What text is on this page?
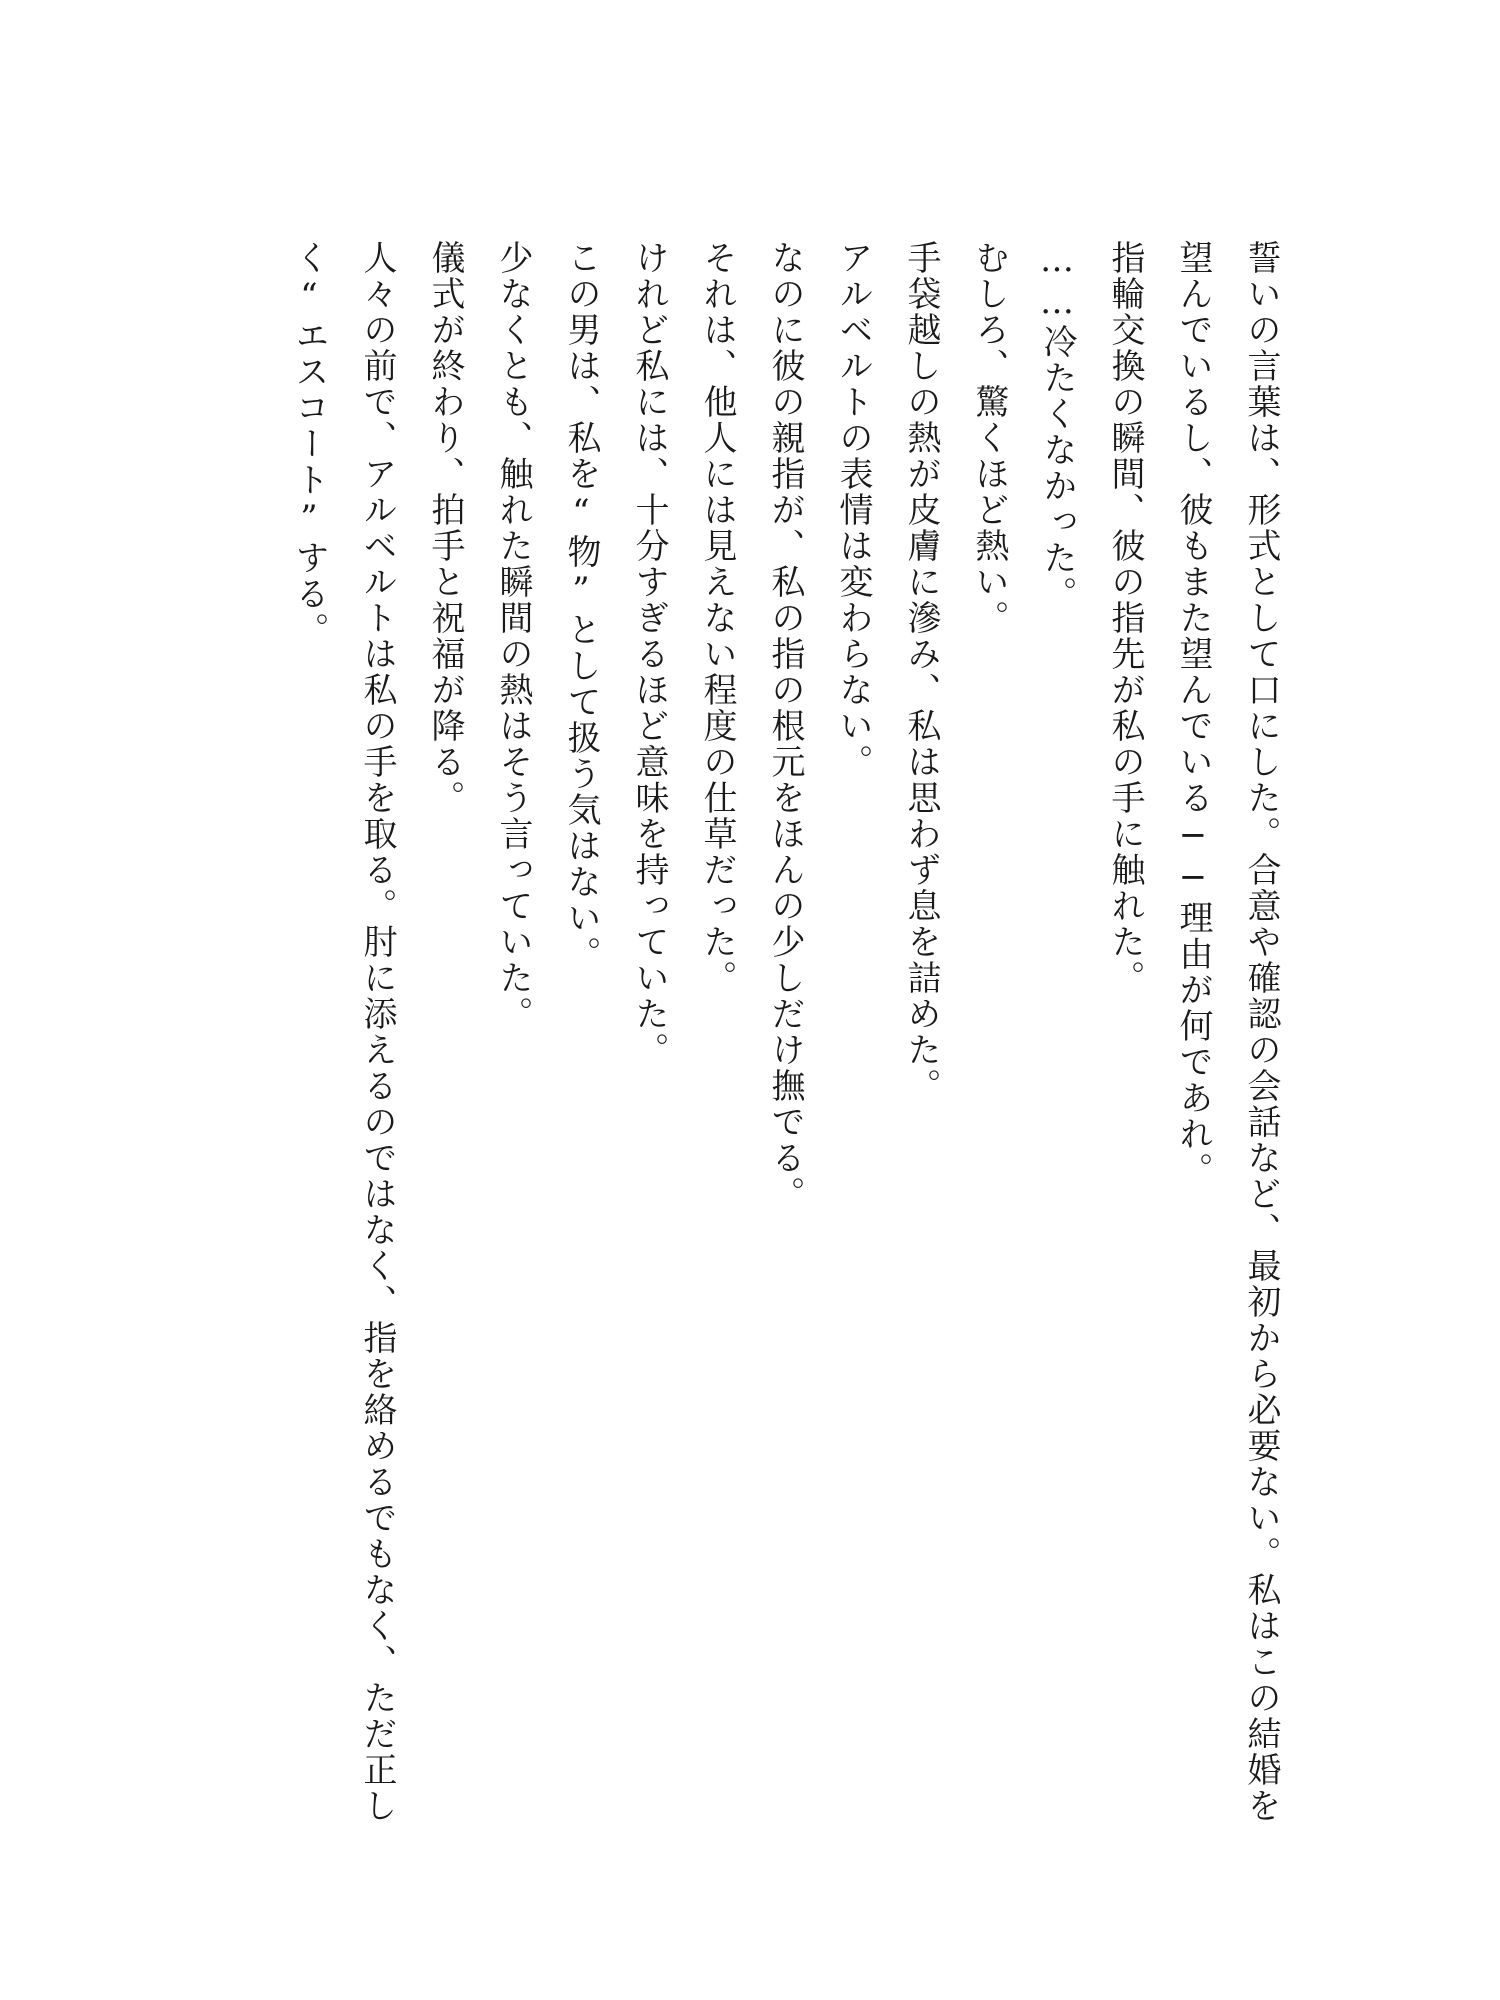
誓いの言葉は、形式として口にした。合意や確認の会話など、最初から必要ない。私はこの結婚を望んでいるし、彼もまた望んでいる──理由が何であれ。

指輪交換の瞬間、彼の指先が私の手に触れた。

……冷たくなかった。

むしろ、驚くほど熱い。

手袋越しの熱が皮膚に滲み、私は思わず息を詰めた。

アルベルトの表情は変わらない。

なのに彼の親指が、私の指の根元をほんの少しだけ撫でる。

それは、他人には見えない程度の仕草だった。

けれど私には、十分すぎるほど意味を持っていた。

この男は、私を“物”として扱う気はない。

少なくとも、触れた瞬間の熱はそう言っていた。

儀式が終わり、拍手と祝福が降る。

人々の前で、アルベルトは私の手を取る。肘に添えるのではなく、指を絡めるでもなく、ただ正しく“エスコート”する。
